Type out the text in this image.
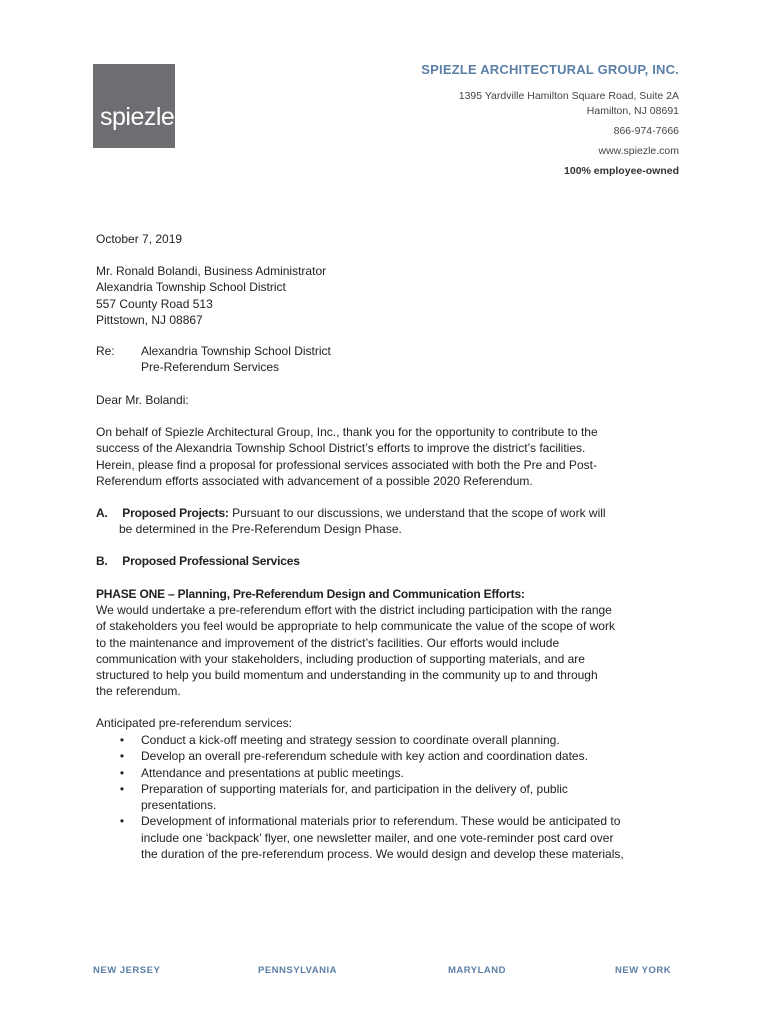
spiezle
SPIEZLE ARCHITECTURAL GROUP, INC.
1395 Yardville Hamilton Square Road, Suite 2A
Hamilton, NJ 08691
866-974-7666
www.spiezle.com
100% employee-owned
October 7, 2019
Mr. Ronald Bolandi, Business Administrator
Alexandria Township School District
557 County Road 513
Pittstown, NJ 08867
Re: Alexandria Township School District
Pre-Referendum Services
Dear Mr. Bolandi:
On behalf of Spiezle Architectural Group, Inc., thank you for the opportunity to contribute to the
success of the Alexandria Township School District’s efforts to improve the district’s facilities.
Herein, please find a proposal for professional services associated with both the Pre and Post-
Referendum efforts associated with advancement of a possible 2020 Referendum.
A. Proposed Projects: Pursuant to our discussions, we understand that the scope of work will
be determined in the Pre-Referendum Design Phase.
B. Proposed Professional Services
PHASE ONE – Planning, Pre-Referendum Design and Communication Efforts:
We would undertake a pre-referendum effort with the district including participation with the range
of stakeholders you feel would be appropriate to help communicate the value of the scope of work
to the maintenance and improvement of the district’s facilities. Our efforts would include
communication with your stakeholders, including production of supporting materials, and are
structured to help you build momentum and understanding in the community up to and through
the referendum.
Anticipated pre-referendum services:
•	Conduct a kick-off meeting and strategy session to coordinate overall planning.
•	Develop an overall pre-referendum schedule with key action and coordination dates.
•	Attendance and presentations at public meetings.
•	Preparation of supporting materials for, and participation in the delivery of, public
presentations.
•	Development of informational materials prior to referendum. These would be anticipated to
include one ‘backpack’ flyer, one newsletter mailer, and one vote-reminder post card over
the duration of the pre-referendum process. We would design and develop these materials,
NEW JERSEY	PENNSYLVANIA	MARYLAND	NEW YORK
